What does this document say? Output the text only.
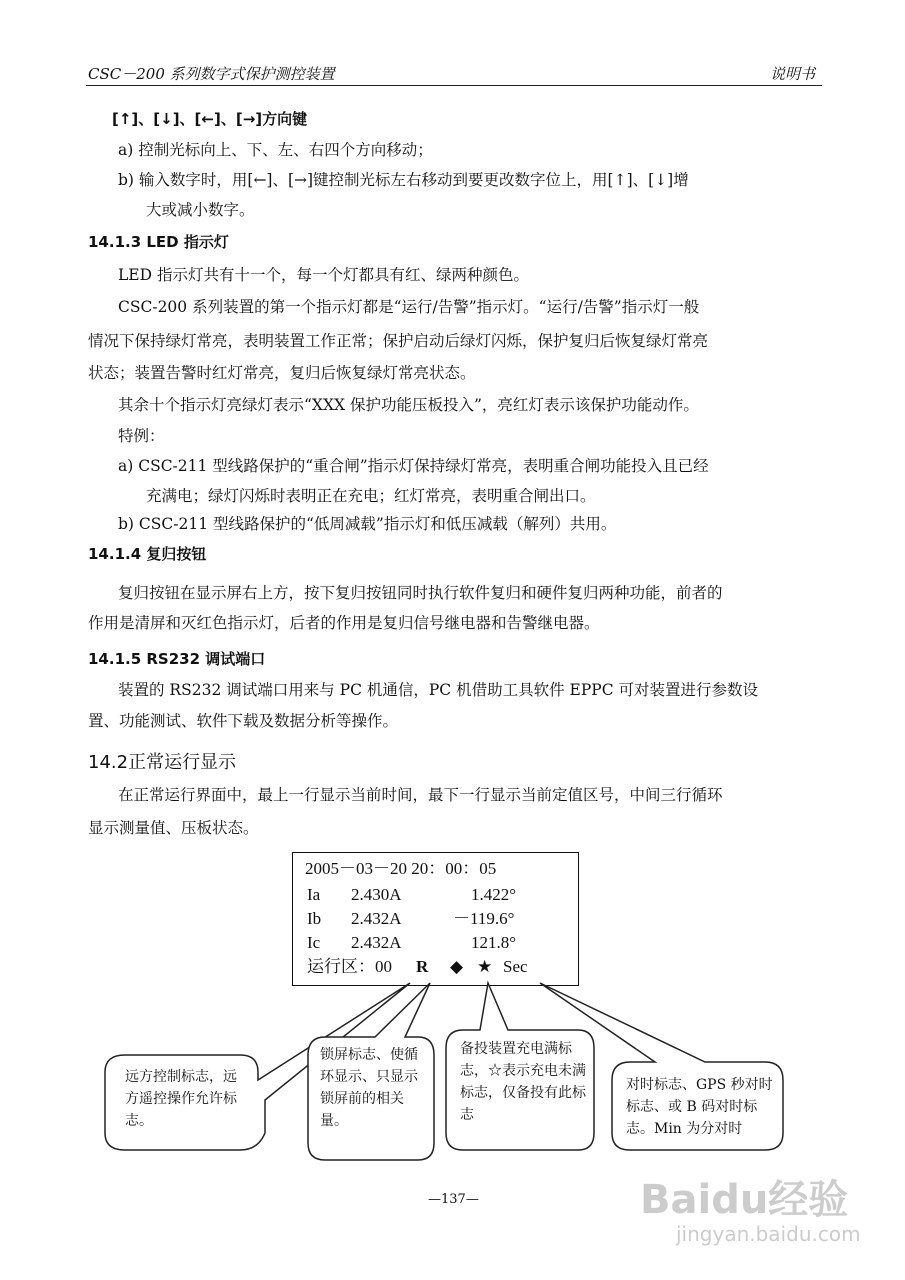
CSC－200 系列数字式保护测控装置	说明书
[↑]、[↓]、[←]、[→]方向键
a) 控制光标向上、下、左、右四个方向移动；
b) 输入数字时，用[←]、[→]键控制光标左右移动到要更改数字位上，用[↑]、[↓]增
大或减小数字。
14.1.3 LED 指示灯
LED 指示灯共有十一个，每一个灯都具有红、绿两种颜色。
CSC-200 系列装置的第一个指示灯都是“运行/告警”指示灯。“运行/告警”指示灯一般
情况下保持绿灯常亮，表明装置工作正常；保护启动后绿灯闪烁，保护复归后恢复绿灯常亮
状态；装置告警时红灯常亮，复归后恢复绿灯常亮状态。
其余十个指示灯亮绿灯表示“XXX 保护功能压板投入”，亮红灯表示该保护功能动作。
特例：
a) CSC-211 型线路保护的“重合闸”指示灯保持绿灯常亮，表明重合闸功能投入且已经
充满电；绿灯闪烁时表明正在充电；红灯常亮，表明重合闸出口。
b) CSC-211 型线路保护的“低周减载”指示灯和低压减载（解列）共用。
14.1.4 复归按钮
复归按钮在显示屏右上方，按下复归按钮同时执行软件复归和硬件复归两种功能，前者的
作用是清屏和灭红色指示灯，后者的作用是复归信号继电器和告警继电器。
14.1.5 RS232 调试端口
装置的 RS232 调试端口用来与 PC 机通信，PC 机借助工具软件 EPPC 可对装置进行参数设
置、功能测试、软件下载及数据分析等操作。
14.2正常运行显示
在正常运行界面中，最上一行显示当前时间，最下一行显示当前定值区号，中间三行循环
显示测量值、压板状态。
2005－03－20 20：00：05
Ia 2.430A	1.422°
Ib 2.432A	－119.6°
Ic 2.432A	121.8°
运行区：00 R ◆ ★ Sec
远方控制标志，远方遥控操作允许标志。
锁屏标志、使循环显示、只显示锁屏前的相关量。
备投装置充电满标志，☆表示充电未满标志，仅备投有此标志
对时标志、GPS 秒对时标志、或 B 码对时标志。Min 为分对时
—137—	Baidu经验
jingyan.baidu.com
